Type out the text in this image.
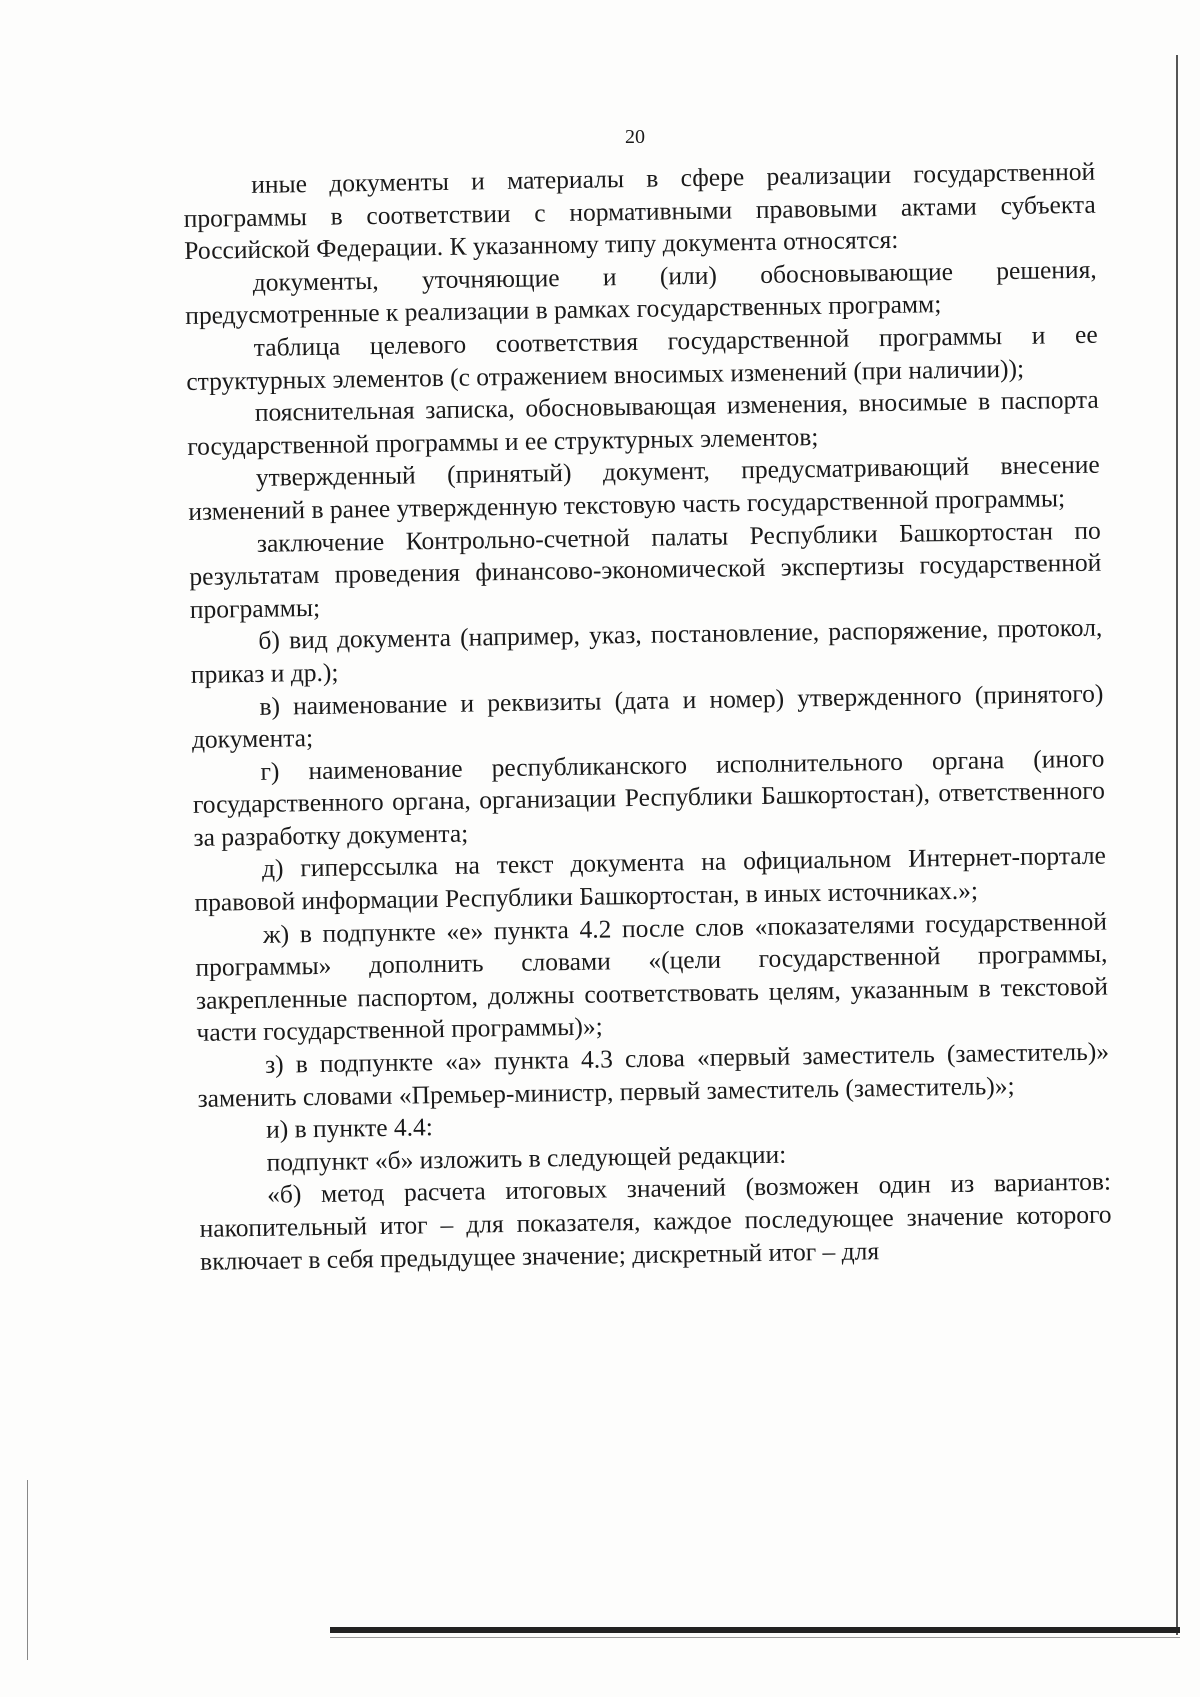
20

иные документы и материалы в сфере реализации государственной программы в соответствии с нормативными правовыми актами субъекта Российской Федерации. К указанному типу документа относятся:

документы, уточняющие и (или) обосновывающие решения, предусмотренные к реализации в рамках государственных программ;

таблица целевого соответствия государственной программы и ее структурных элементов (с отражением вносимых изменений (при наличии));

пояснительная записка, обосновывающая изменения, вносимые в паспорта государственной программы и ее структурных элементов;

утвержденный (принятый) документ, предусматривающий внесение изменений в ранее утвержденную текстовую часть государственной программы;

заключение Контрольно-счетной палаты Республики Башкортостан по результатам проведения финансово-экономической экспертизы государственной программы;

б) вид документа (например, указ, постановление, распоряжение, протокол, приказ и др.);

в) наименование и реквизиты (дата и номер) утвержденного (принятого) документа;

г) наименование республиканского исполнительного органа (иного государственного органа, организации Республики Башкортостан), ответственного за разработку документа;

д) гиперссылка на текст документа на официальном Интернет-портале правовой информации Республики Башкортостан, в иных источниках.»;

ж) в подпункте «е» пункта 4.2 после слов «показателями государственной программы» дополнить словами «(цели государственной программы, закрепленные паспортом, должны соответствовать целям, указанным в текстовой части государственной программы)»;

з) в подпункте «а» пункта 4.3 слова «первый заместитель (заместитель)» заменить словами «Премьер-министр, первый заместитель (заместитель)»;

и) в пункте 4.4:

подпункт «б» изложить в следующей редакции:

«б) метод расчета итоговых значений (возможен один из вариантов: накопительный итог – для показателя, каждое последующее значение которого включает в себя предыдущее значение; дискретный итог – для
